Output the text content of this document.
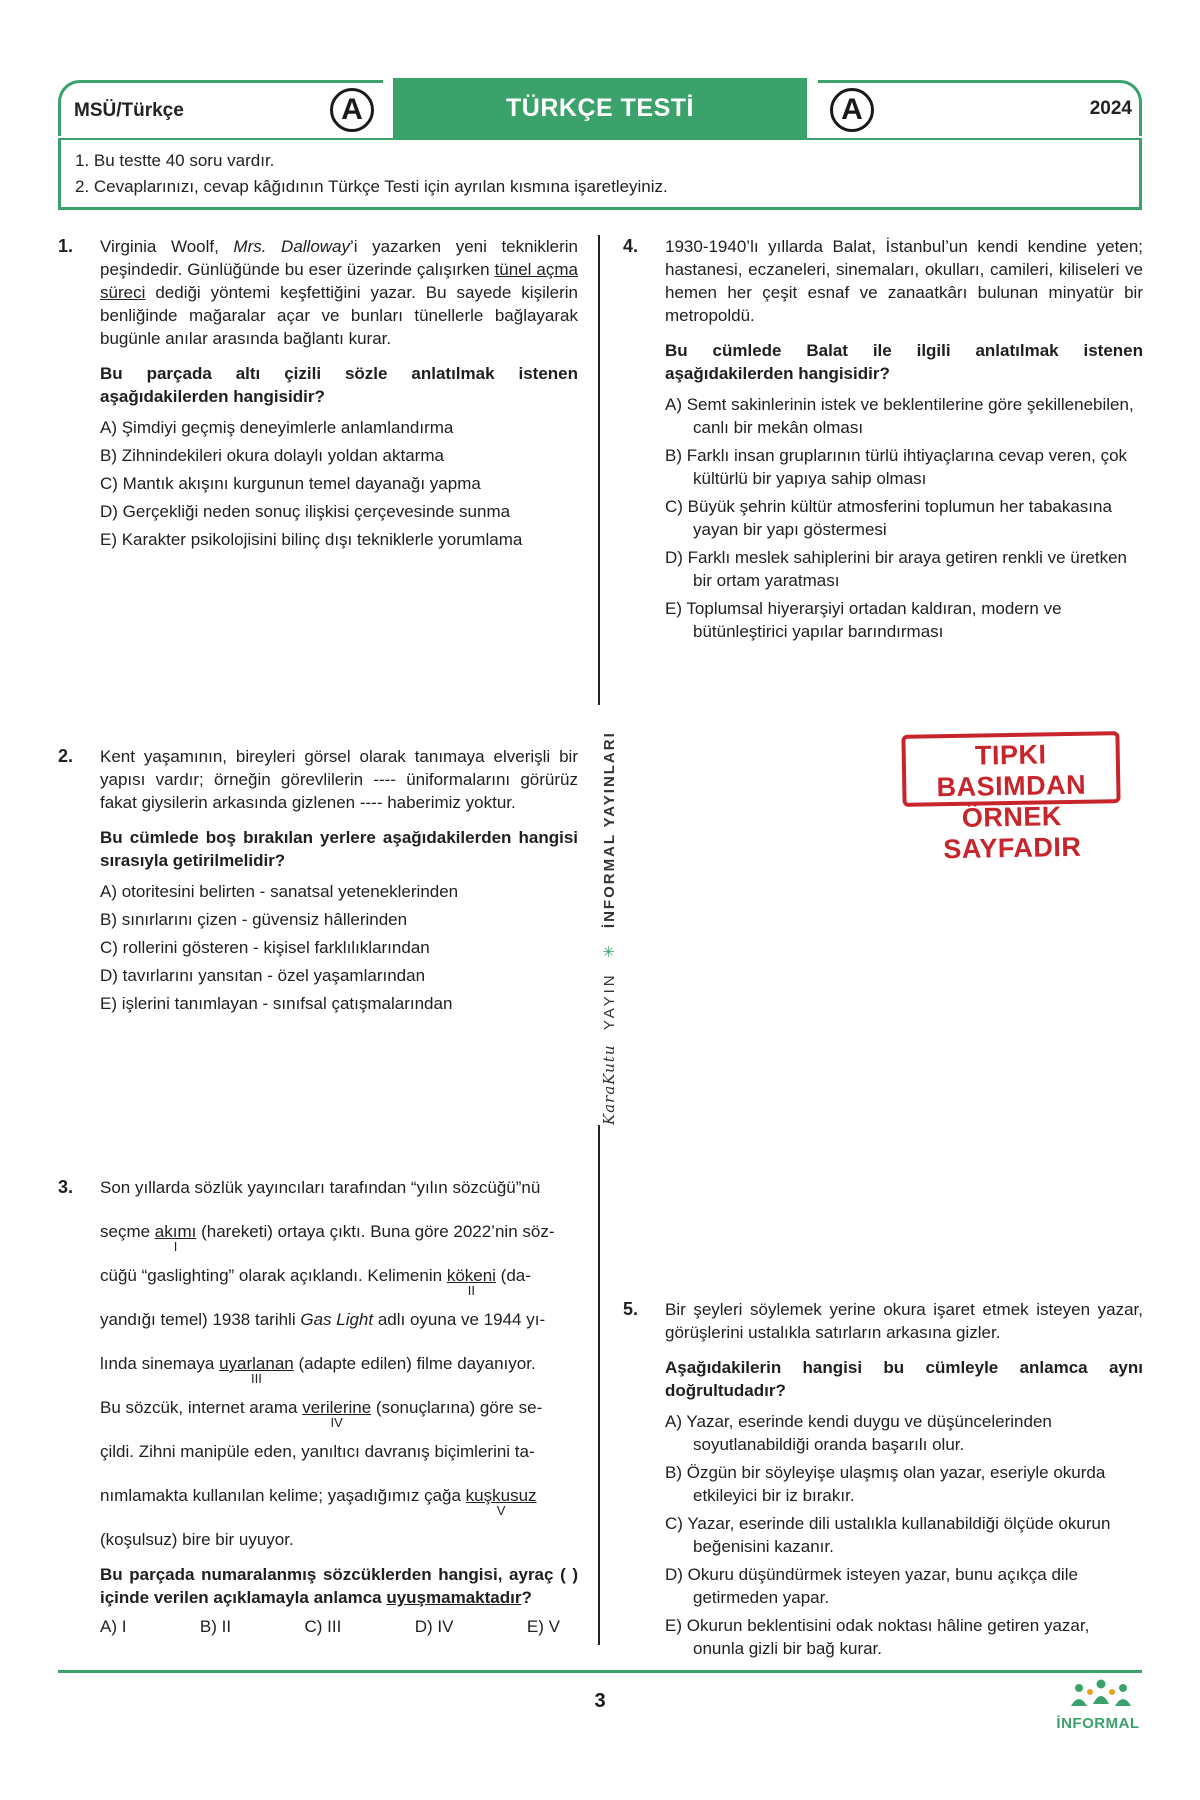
MSÜ/Türkçe	A	TÜRKÇE TESTİ	A	2024
1. Bu testte 40 soru vardır.
2. Cevaplarınızı, cevap kâğıdının Türkçe Testi için ayrılan kısmına işaretleyiniz.
KaraKutu  YAYIN  ✳  İNFORMAL YAYINLARI
1. Virginia Woolf, Mrs. Dalloway’i yazarken yeni tekniklerin peşindedir. Günlüğünde bu eser üzerinde çalışırken tünel açma süreci dediği yöntemi keşfettiğini yazar. Bu sayede kişilerin benliğinde mağaralar açar ve bunları tünellerle bağlayarak bugünle anılar arasında bağlantı kurar.

Bu parçada altı çizili sözle anlatılmak istenen aşağıdakilerden hangisidir?

A) Şimdiyi geçmiş deneyimlerle anlamlandırma
B) Zihnindekileri okura dolaylı yoldan aktarma
C) Mantık akışını kurgunun temel dayanağı yapma
D) Gerçekliği neden sonuç ilişkisi çerçevesinde sunma
E) Karakter psikolojisini bilinç dışı tekniklerle yorumlama
2. Kent yaşamının, bireyleri görsel olarak tanımaya elverişli bir yapısı vardır; örneğin görevlilerin ---- üniformalarını görürüz fakat giysilerin arkasında gizlenen ---- haberimiz yoktur.

Bu cümlede boş bırakılan yerlere aşağıdakilerden hangisi sırasıyla getirilmelidir?

A) otoritesini belirten - sanatsal yeteneklerinden
B) sınırlarını çizen - güvensiz hâllerinden
C) rollerini gösteren - kişisel farklılıklarından
D) tavırlarını yansıtan - özel yaşamlarından
E) işlerini tanımlayan - sınıfsal çatışmalarından
3. Son yıllarda sözlük yayıncıları tarafından “yılın sözcüğü”nü

seçme akımı
I
(hareketi) ortaya çıktı. Buna göre 2022’nin söz-

cüğü “gaslighting” olarak açıklandı. Kelimenin kökeni
II
(da-

yandığı temel) 1938 tarihli Gas Light adlı oyuna ve 1944 yı-

lında sinemaya uyarlanan
III
(adapte edilen) filme dayanıyor.

Bu sözcük, internet arama verilerine
IV
(sonuçlarına) göre se-

çildi. Zihni manipüle eden, yanıltıcı davranış biçimlerini ta-

nımlamakta kullanılan kelime; yaşadığımız çağa kuşkusuz
V

(koşulsuz) bire bir uyuyor.

Bu parçada numaralanmış sözcüklerden hangisi, ayraç ( ) içinde verilen açıklamayla anlamca uyuşmamaktadır?

A) I	B) II	C) III	D) IV	E) V
4. 1930-1940’lı yıllarda Balat, İstanbul’un kendi kendine yeten; hastanesi, eczaneleri, sinemaları, okulları, camileri, kiliseleri ve hemen her çeşit esnaf ve zanaatkârı bulunan minyatür bir metropoldü.

Bu cümlede Balat ile ilgili anlatılmak istenen aşağıdakilerden hangisidir?

A) Semt sakinlerinin istek ve beklentilerine göre şekillenebilen, canlı bir mekân olması
B) Farklı insan gruplarının türlü ihtiyaçlarına cevap veren, çok kültürlü bir yapıya sahip olması
C) Büyük şehrin kültür atmosferini toplumun her tabakasına yayan bir yapı göstermesi
D) Farklı meslek sahiplerini bir araya getiren renkli ve üretken bir ortam yaratması
E) Toplumsal hiyerarşiyi ortadan kaldıran, modern ve bütünleştirici yapılar barındırması
TIPKI BASIMDAN
ÖRNEK SAYFADIR
5. Bir şeyleri söylemek yerine okura işaret etmek isteyen yazar, görüşlerini ustalıkla satırların arkasına gizler.

Aşağıdakilerin hangisi bu cümleyle anlamca aynı doğrultudadır?

A) Yazar, eserinde kendi duygu ve düşüncelerinden soyutlanabildiği oranda başarılı olur.
B) Özgün bir söyleyişe ulaşmış olan yazar, eseriyle okurda etkileyici bir iz bırakır.
C) Yazar, eserinde dili ustalıkla kullanabildiği ölçüde okurun beğenisini kazanır.
D) Okuru düşündürmek isteyen yazar, bunu açıkça dile getirmeden yapar.
E) Okurun beklentisini odak noktası hâline getiren yazar, onunla gizli bir bağ kurar.
3
İNFORMAL
